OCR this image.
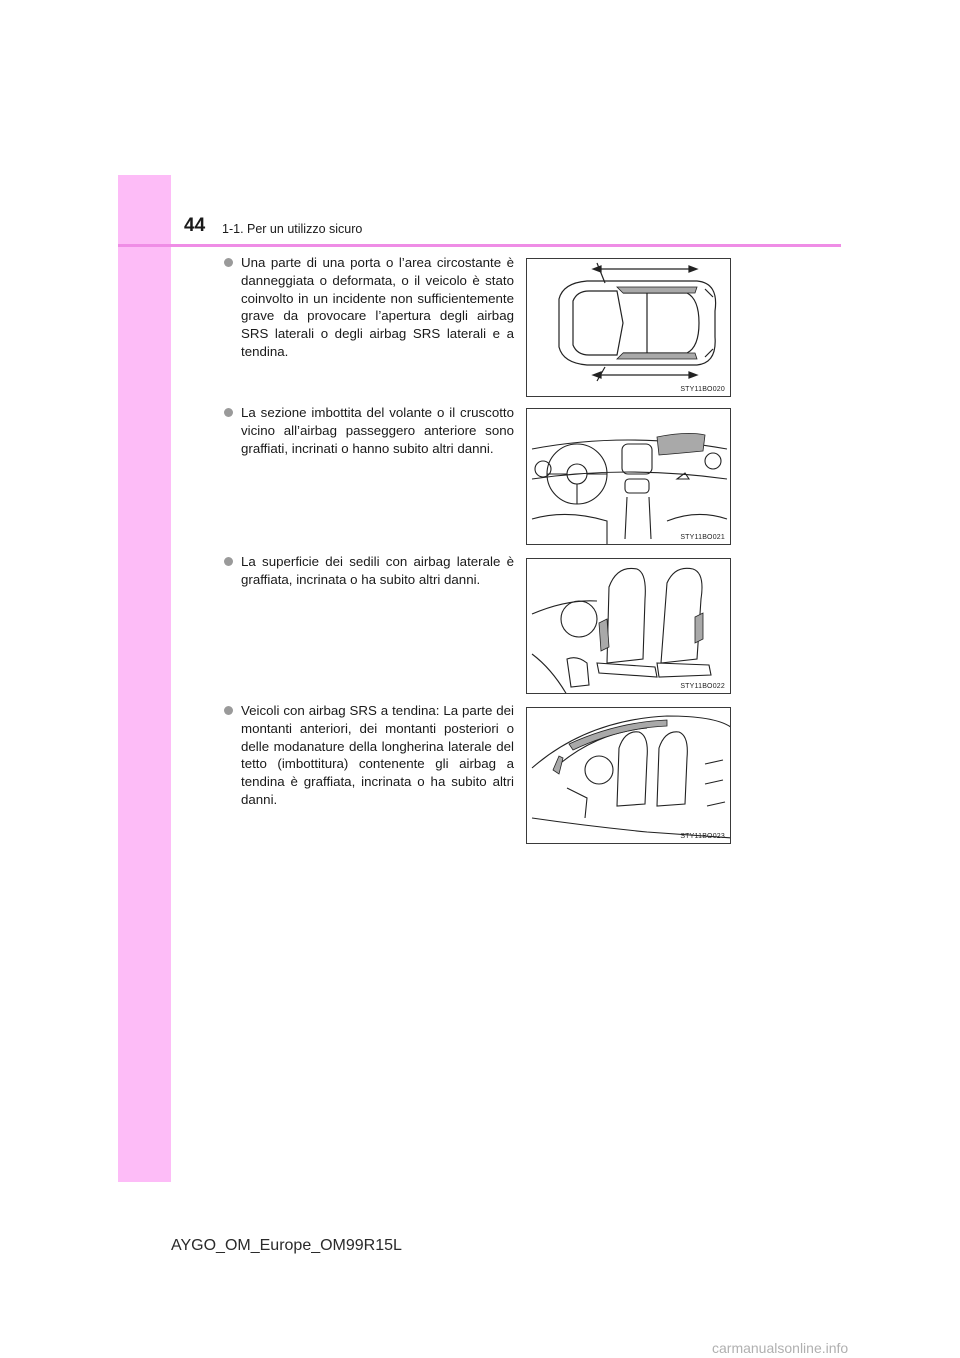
44 1-1. Per un utilizzo sicuro
Una parte di una porta o l’area circostante è danneggiata o deformata, o il veicolo è stato coinvolto in un incidente non sufficientemente grave da provocare l’apertura degli airbag SRS laterali o degli airbag SRS laterali e a tendina.
STY11BO020
La sezione imbottita del volante o il cruscotto vicino all’airbag passeggero anteriore sono graffiati, incrinati o hanno subito altri danni.
STY11BO021
La superficie dei sedili con airbag laterale è graffiata, incrinata o ha subito altri danni.
STY11BO022
Veicoli con airbag SRS a tendina: La parte dei montanti anteriori, dei montanti posteriori o delle modanature della longherina laterale del tetto (imbottitura) contenente gli airbag a tendina è graffiata, incrinata o ha subito altri danni.
STY11BO023
AYGO_OM_Europe_OM99R15L
carmanualsonline.info
